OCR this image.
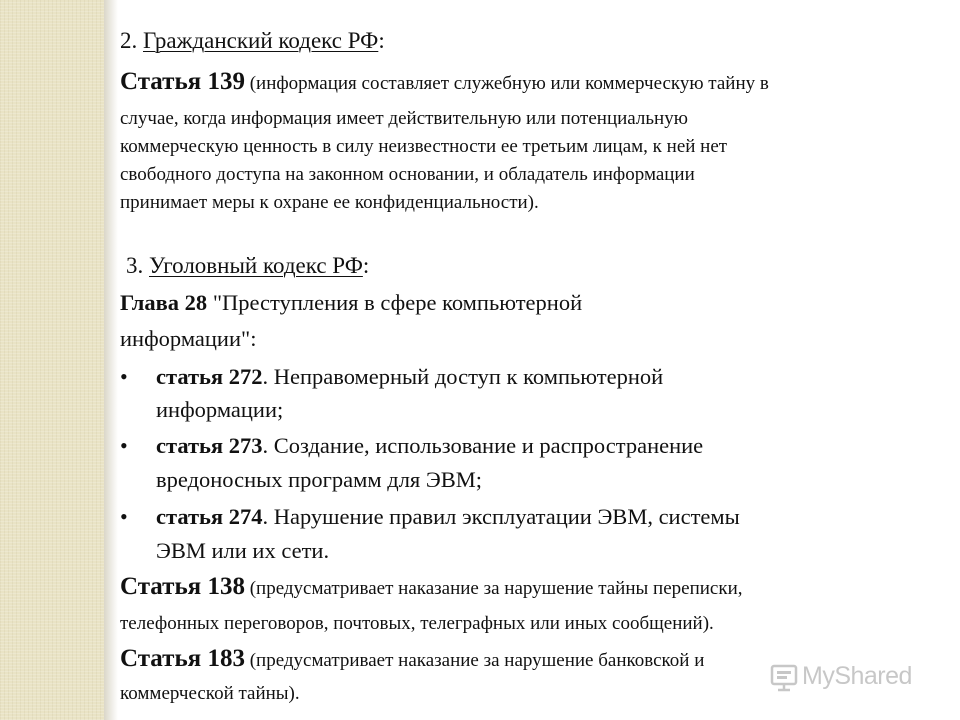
2. Гражданский кодекс РФ:
Статья 139 (информация составляет служебную или коммерческую тайну в
случае, когда информация имеет действительную или потенциальную
коммерческую ценность в силу неизвестности ее третьим лицам, к ней нет
свободного доступа на законном основании, и обладатель информации
принимает меры к охране ее конфиденциальности).
3. Уголовный кодекс РФ:
Глава 28 "Преступления в сфере компьютерной
информации":
• статья 272. Неправомерный доступ к компьютерной
информации;
• статья 273. Создание, использование и распространение
вредоносных программ для ЭВМ;
• статья 274. Нарушение правил эксплуатации ЭВМ, системы
ЭВМ или их сети.
Статья 138 (предусматривает наказание за нарушение тайны переписки,
телефонных переговоров, почтовых, телеграфных или иных сообщений).
Статья 183 (предусматривает наказание за нарушение банковской и
коммерческой тайны).
MyShared
